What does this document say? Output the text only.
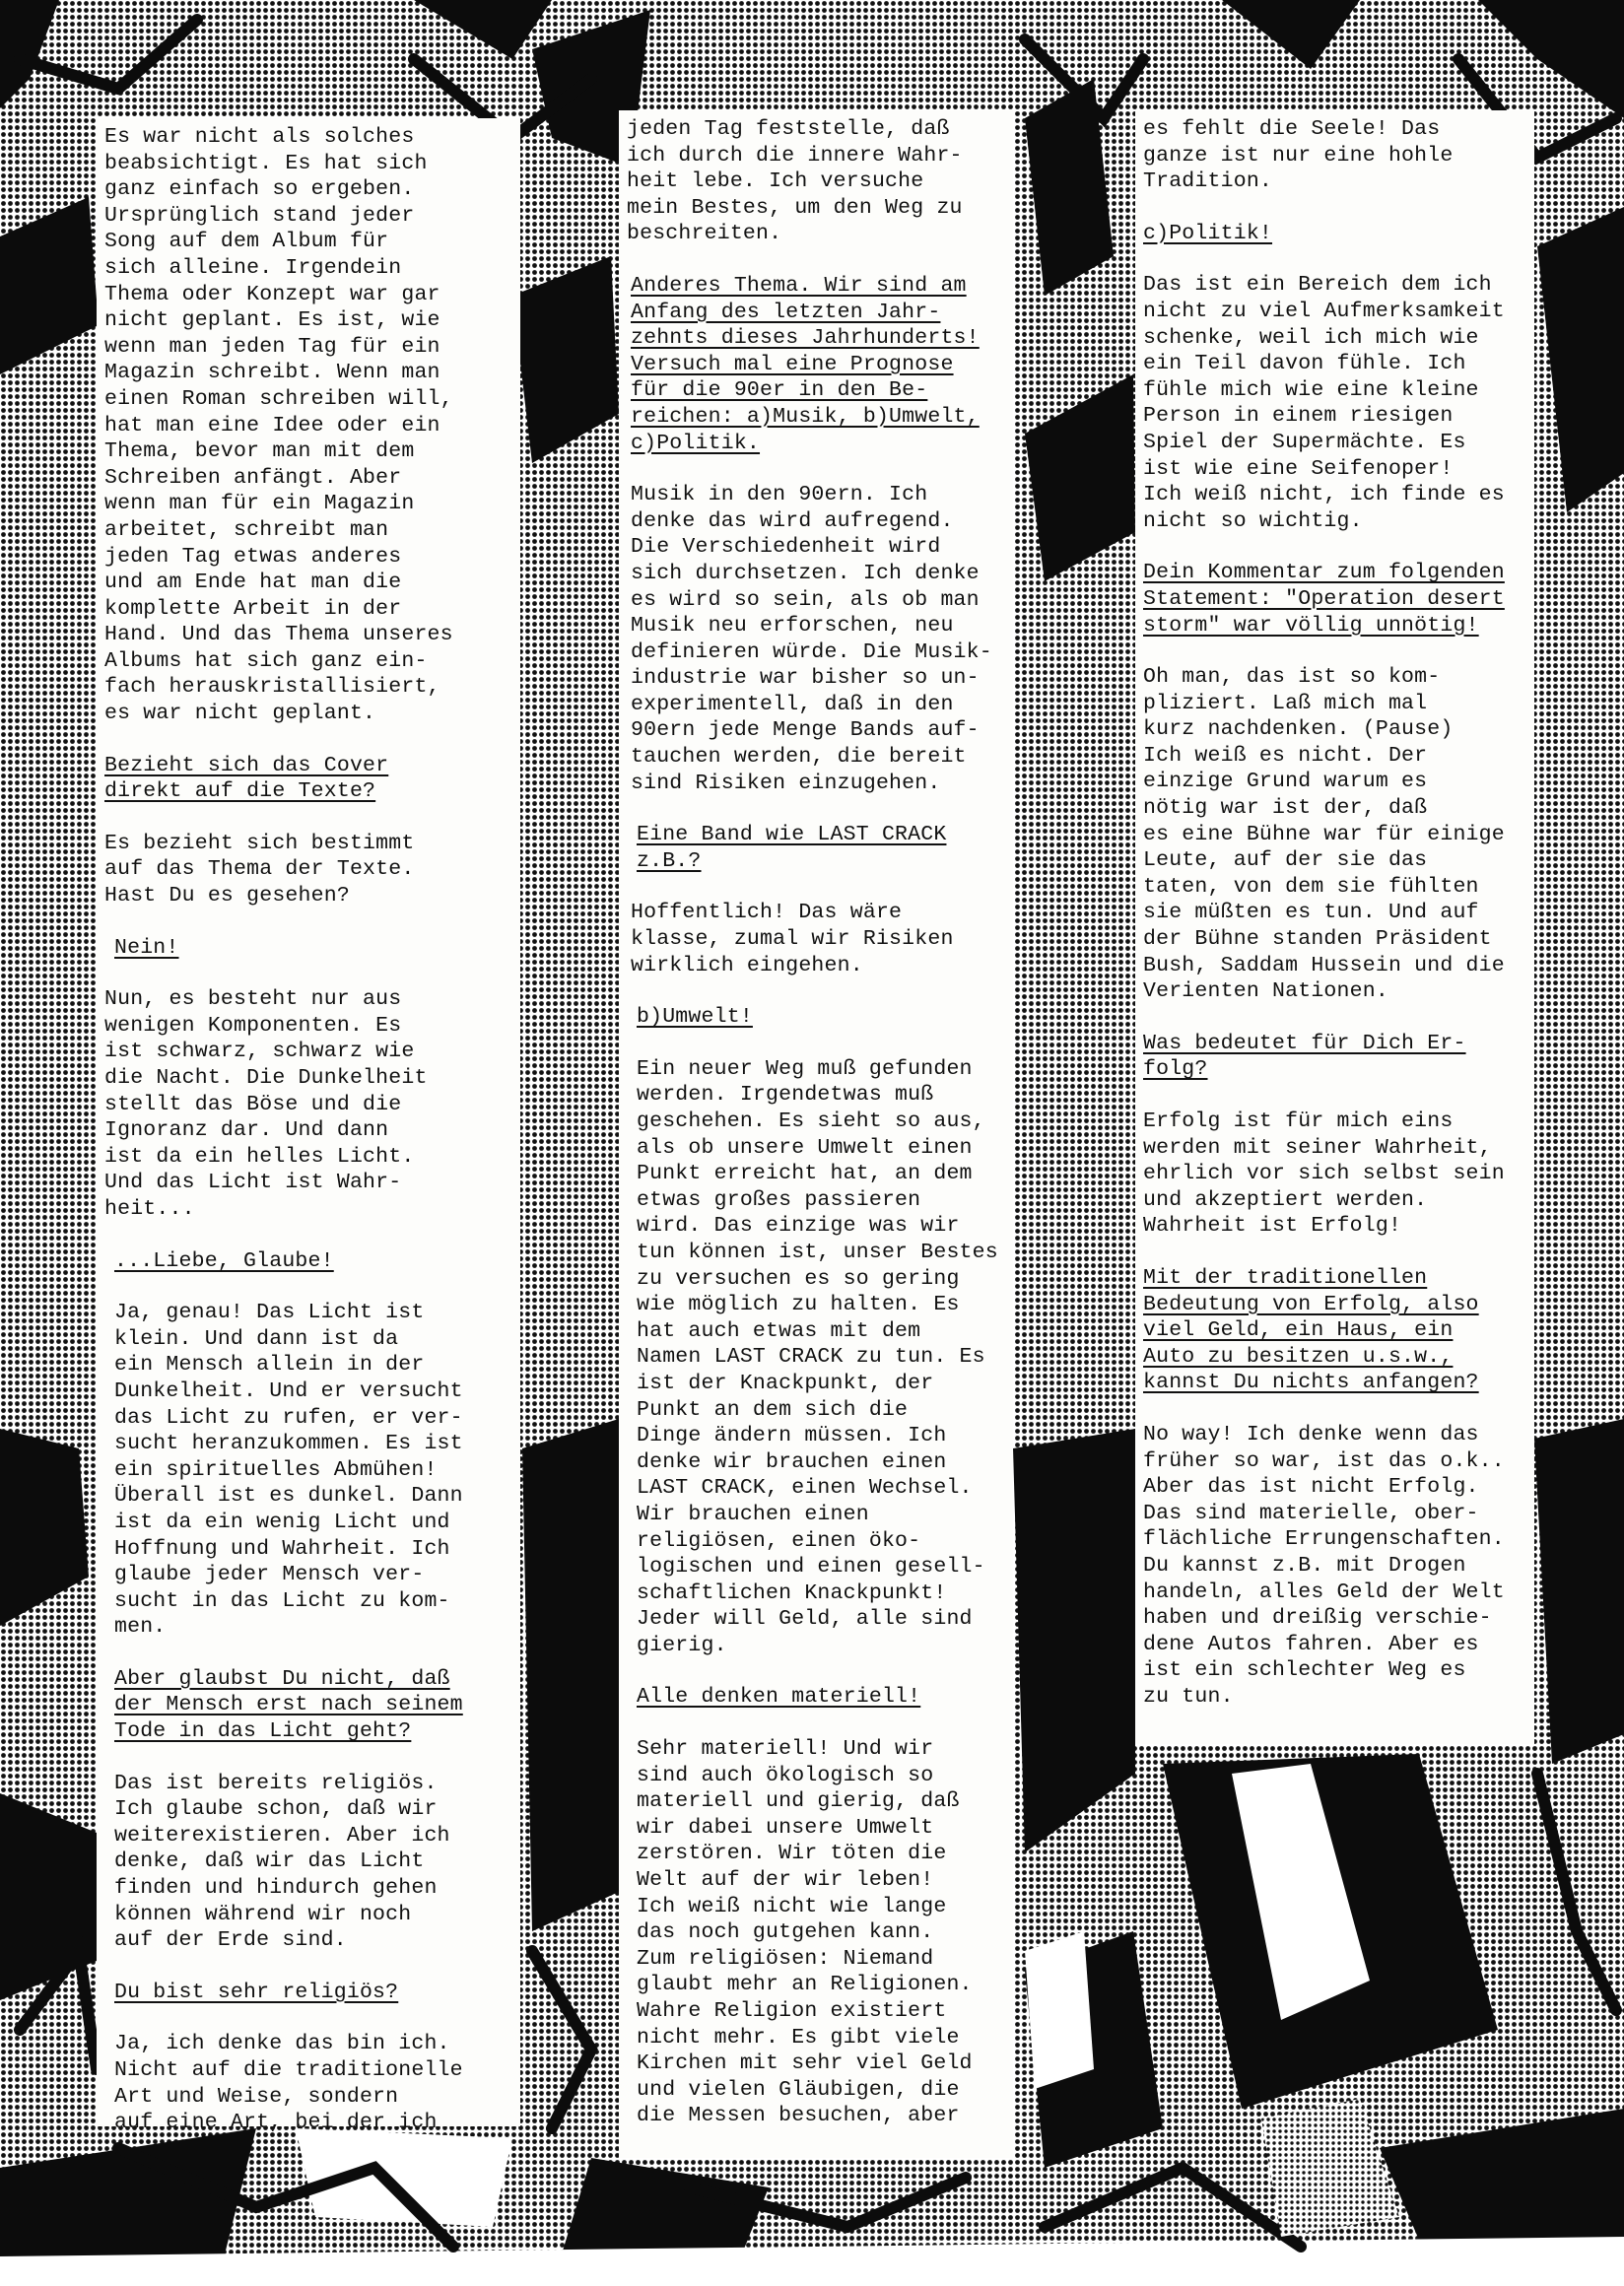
Es war nicht als solches
beabsichtigt. Es hat sich
ganz einfach so ergeben.
Ursprünglich stand jeder
Song auf dem Album für
sich alleine. Irgendein
Thema oder Konzept war gar
nicht geplant. Es ist, wie
wenn man jeden Tag für ein
Magazin schreibt. Wenn man
einen Roman schreiben will,
hat man eine Idee oder ein
Thema, bevor man mit dem
Schreiben anfängt. Aber
wenn man für ein Magazin
arbeitet, schreibt man
jeden Tag etwas anderes
und am Ende hat man die
komplette Arbeit in der
Hand. Und das Thema unseres
Albums hat sich ganz ein-
fach herauskristallisiert,
es war nicht geplant.
Bezieht sich das Cover
direkt auf die Texte?
Es bezieht sich bestimmt
auf das Thema der Texte.
Hast Du es gesehen?
Nein!
Nun, es besteht nur aus
wenigen Komponenten. Es
ist schwarz, schwarz wie
die Nacht. Die Dunkelheit
stellt das Böse und die
Ignoranz dar. Und dann
ist da ein helles Licht.
Und das Licht ist Wahr-
heit...
...Liebe, Glaube!
Ja, genau! Das Licht ist
klein. Und dann ist da
ein Mensch allein in der
Dunkelheit. Und er versucht
das Licht zu rufen, er ver-
sucht heranzukommen. Es ist
ein spirituelles Abmühen!
Überall ist es dunkel. Dann
ist da ein wenig Licht und
Hoffnung und Wahrheit. Ich
glaube jeder Mensch ver-
sucht in das Licht zu kom-
men.
Aber glaubst Du nicht, daß
der Mensch erst nach seinem
Tode in das Licht geht?
Das ist bereits religiös.
Ich glaube schon, daß wir
weiterexistieren. Aber ich
denke, daß wir das Licht
finden und hindurch gehen
können während wir noch
auf der Erde sind.
Du bist sehr religiös?
Ja, ich denke das bin ich.
Nicht auf die traditionelle
Art und Weise, sondern
auf eine Art, bei der ich
jeden Tag feststelle, daß
ich durch die innere Wahr-
heit lebe. Ich versuche
mein Bestes, um den Weg zu
beschreiten.
Anderes Thema. Wir sind am
Anfang des letzten Jahr-
zehnts dieses Jahrhunderts!
Versuch mal eine Prognose
für die 90er in den Be-
reichen: a)Musik, b)Umwelt,
c)Politik.
Musik in den 90ern. Ich
denke das wird aufregend.
Die Verschiedenheit wird
sich durchsetzen. Ich denke
es wird so sein, als ob man
Musik neu erforschen, neu
definieren würde. Die Musik-
industrie war bisher so un-
experimentell, daß in den
90ern jede Menge Bands auf-
tauchen werden, die bereit
sind Risiken einzugehen.
Eine Band wie LAST CRACK
z.B.?
Hoffentlich! Das wäre
klasse, zumal wir Risiken
wirklich eingehen.
b)Umwelt!
Ein neuer Weg muß gefunden
werden. Irgendetwas muß
geschehen. Es sieht so aus,
als ob unsere Umwelt einen
Punkt erreicht hat, an dem
etwas großes passieren
wird. Das einzige was wir
tun können ist, unser Bestes
zu versuchen es so gering
wie möglich zu halten. Es
hat auch etwas mit dem
Namen LAST CRACK zu tun. Es
ist der Knackpunkt, der
Punkt an dem sich die
Dinge ändern müssen. Ich
denke wir brauchen einen
LAST CRACK, einen Wechsel.
Wir brauchen einen
religiösen, einen öko-
logischen und einen gesell-
schaftlichen Knackpunkt!
Jeder will Geld, alle sind
gierig.
Alle denken materiell!
Sehr materiell! Und wir
sind auch ökologisch so
materiell und gierig, daß
wir dabei unsere Umwelt
zerstören. Wir töten die
Welt auf der wir leben!
Ich weiß nicht wie lange
das noch gutgehen kann.
Zum religiösen: Niemand
glaubt mehr an Religionen.
Wahre Religion existiert
nicht mehr. Es gibt viele
Kirchen mit sehr viel Geld
und vielen Gläubigen, die
die Messen besuchen, aber
es fehlt die Seele! Das
ganze ist nur eine hohle
Tradition.
c)Politik!
Das ist ein Bereich dem ich
nicht zu viel Aufmerksamkeit
schenke, weil ich mich wie
ein Teil davon fühle. Ich
fühle mich wie eine kleine
Person in einem riesigen
Spiel der Supermächte. Es
ist wie eine Seifenoper!
Ich weiß nicht, ich finde es
nicht so wichtig.
Dein Kommentar zum folgenden
Statement: "Operation desert
storm" war völlig unnötig!
Oh man, das ist so kom-
pliziert. Laß mich mal
kurz nachdenken. (Pause)
Ich weiß es nicht. Der
einzige Grund warum es
nötig war ist der, daß
es eine Bühne war für einige
Leute, auf der sie das
taten, von dem sie fühlten
sie müßten es tun. Und auf
der Bühne standen Präsident
Bush, Saddam Hussein und die
Verienten Nationen.
Was bedeutet für Dich Er-
folg?
Erfolg ist für mich eins
werden mit seiner Wahrheit,
ehrlich vor sich selbst sein
und akzeptiert werden.
Wahrheit ist Erfolg!
Mit der traditionellen
Bedeutung von Erfolg, also
viel Geld, ein Haus, ein
Auto zu besitzen u.s.w.,
kannst Du nichts anfangen?
No way! Ich denke wenn das
früher so war, ist das o.k..
Aber das ist nicht Erfolg.
Das sind materielle, ober-
flächliche Errungenschaften.
Du kannst z.B. mit Drogen
handeln, alles Geld der Welt
haben und dreißig verschie-
dene Autos fahren. Aber es
ist ein schlechter Weg es
zu tun.
